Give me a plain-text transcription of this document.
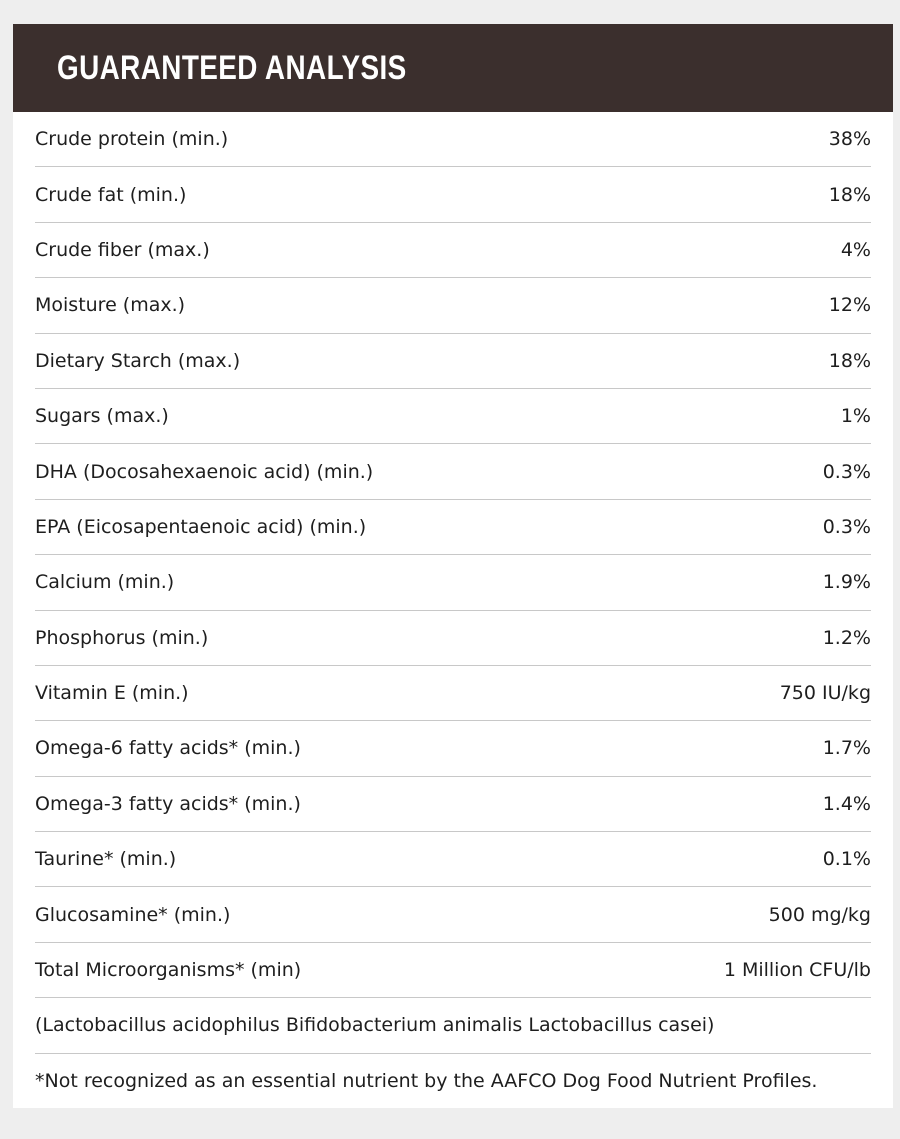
GUARANTEED ANALYSIS
Crude protein (min.)	38%
Crude fat (min.)	18%
Crude fiber (max.)	4%
Moisture (max.)	12%
Dietary Starch (max.)	18%
Sugars (max.)	1%
DHA (Docosahexaenoic acid) (min.)	0.3%
EPA (Eicosapentaenoic acid) (min.)	0.3%
Calcium (min.)	1.9%
Phosphorus (min.)	1.2%
Vitamin E (min.)	750 IU/kg
Omega-6 fatty acids* (min.)	1.7%
Omega-3 fatty acids* (min.)	1.4%
Taurine* (min.)	0.1%
Glucosamine* (min.)	500 mg/kg
Total Microorganisms* (min)	1 Million CFU/lb
(Lactobacillus acidophilus Bifidobacterium animalis Lactobacillus casei)
*Not recognized as an essential nutrient by the AAFCO Dog Food Nutrient Profiles.
